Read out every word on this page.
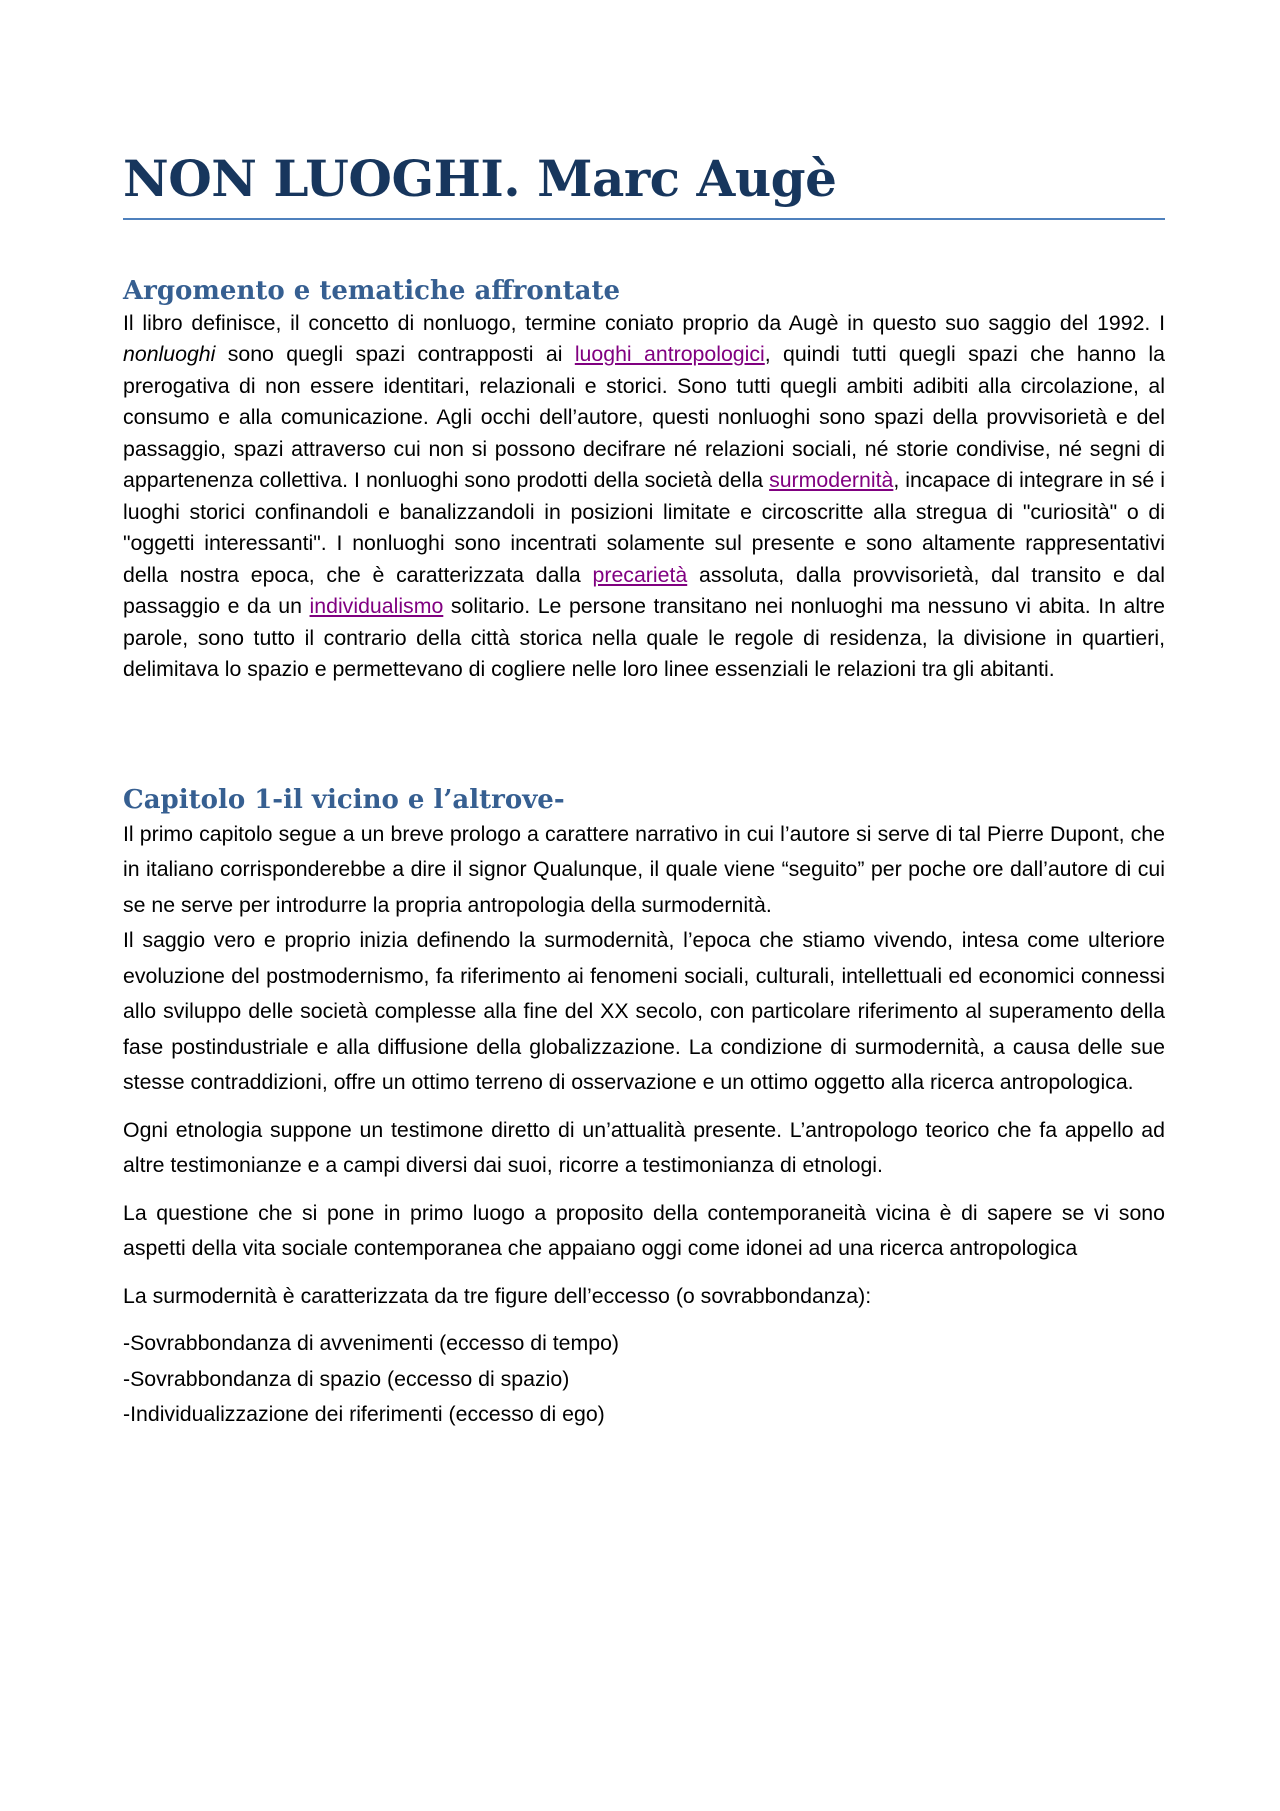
NON LUOGHI. Marc Augè
Argomento e tematiche affrontate

Il libro definisce, il concetto di nonluogo, termine coniato proprio da Augè in questo suo saggio del 1992. I nonluoghi sono quegli spazi contrapposti ai luoghi antropologici, quindi tutti quegli spazi che hanno la prerogativa di non essere identitari, relazionali e storici. Sono tutti quegli ambiti adibiti alla circolazione, al consumo e alla comunicazione. Agli occhi dell’autore, questi nonluoghi sono spazi della provvisorietà e del passaggio, spazi attraverso cui non si possono decifrare né relazioni sociali, né storie condivise, né segni di appartenenza collettiva. I nonluoghi sono prodotti della società della surmodernità, incapace di integrare in sé i luoghi storici confinandoli e banalizzandoli in posizioni limitate e circoscritte alla stregua di "curiosità" o di "oggetti interessanti". I nonluoghi sono incentrati solamente sul presente e sono altamente rappresentativi della nostra epoca, che è caratterizzata dalla precarietà assoluta, dalla provvisorietà, dal transito e dal passaggio e da un individualismo solitario. Le persone transitano nei nonluoghi ma nessuno vi abita. In altre parole, sono tutto il contrario della città storica nella quale le regole di residenza, la divisione in quartieri, delimitava lo spazio e permettevano di cogliere nelle loro linee essenziali le relazioni tra gli abitanti.

Capitolo 1-il vicino e l’altrove-

Il primo capitolo segue a un breve prologo a carattere narrativo in cui l’autore si serve di tal Pierre Dupont, che in italiano corrisponderebbe a dire il signor Qualunque, il quale viene “seguito” per poche ore dall’autore di cui se ne serve per introdurre la propria antropologia della surmodernità.

Il saggio vero e proprio inizia definendo la surmodernità, l’epoca che stiamo vivendo, intesa come ulteriore evoluzione del postmodernismo, fa riferimento ai fenomeni sociali, culturali, intellettuali ed economici connessi allo sviluppo delle società complesse alla fine del XX secolo, con particolare riferimento al superamento della fase postindustriale e alla diffusione della globalizzazione. La condizione di surmodernità, a causa delle sue stesse contraddizioni, offre un ottimo terreno di osservazione e un ottimo oggetto alla ricerca antropologica.

Ogni etnologia suppone un testimone diretto di un’attualità presente. L’antropologo teorico che fa appello ad altre testimonianze e a campi diversi dai suoi, ricorre a testimonianza di etnologi.

La questione che si pone in primo luogo a proposito della contemporaneità vicina è di sapere se vi sono aspetti della vita sociale contemporanea che appaiano oggi come idonei ad una ricerca antropologica

La surmodernità è caratterizzata da tre figure dell’eccesso (o sovrabbondanza):

-Sovrabbondanza di avvenimenti (eccesso di tempo)
-Sovrabbondanza di spazio (eccesso di spazio)
-Individualizzazione dei riferimenti (eccesso di ego)
